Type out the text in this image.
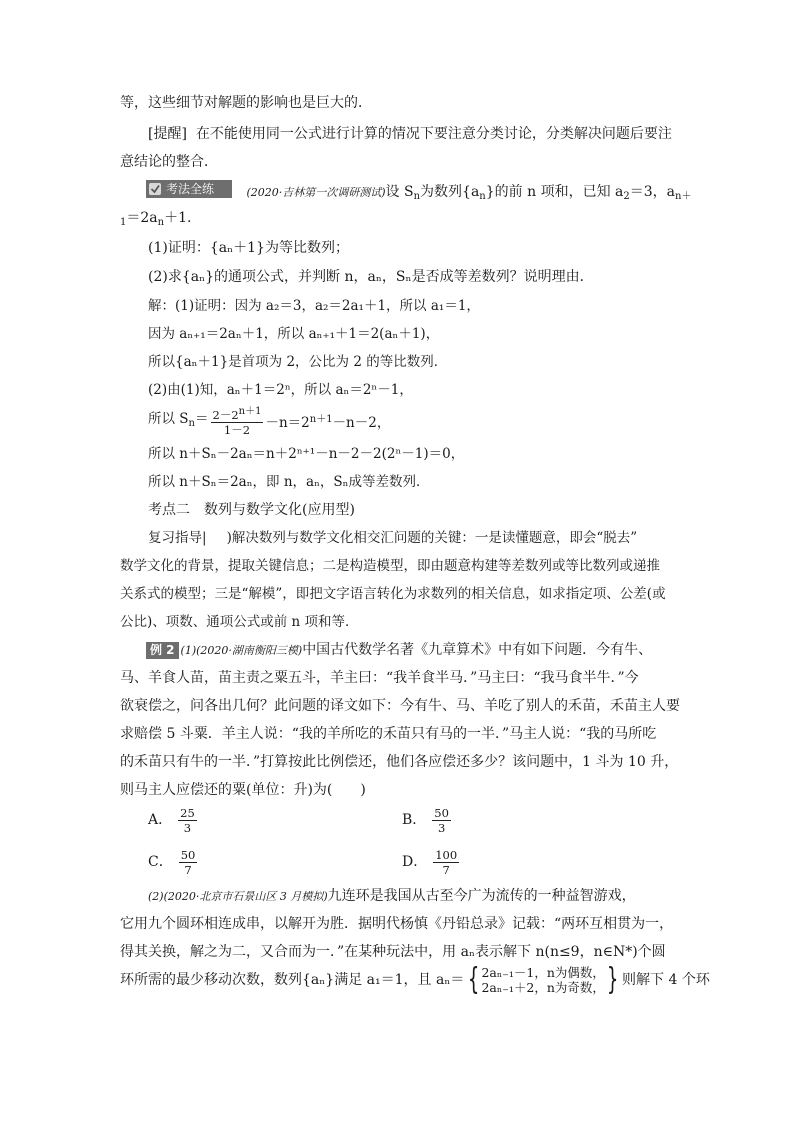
等，这些细节对解题的影响也是巨大的．
[提醒] 在不能使用同一公式进行计算的情况下要注意分类讨论，分类解决问题后要注
意结论的整合．
考法全练	(2020·吉林第一次调研测试)设 $S_n$为数列$\{a_n\}$的前 n 项和，已知 $a_2=3$，$a_{n+}$
$_1=2a_n+1$.
(1)证明：{aₙ＋1}为等比数列；
(2)求{aₙ}的通项公式，并判断 n，aₙ，Sₙ是否成等差数列？说明理由．
解：(1)证明：因为 a₂＝3，a₂＝2a₁＋1，所以 a₁＝1，
因为 aₙ₊₁＝2aₙ＋1，所以 aₙ₊₁＋1＝2(aₙ＋1)，
所以{aₙ＋1}是首项为 2，公比为 2 的等比数列．
(2)由(1)知，aₙ＋1＝2ⁿ，所以 aₙ＝2ⁿ－1，
所以 $S_n= \frac{2-2^{n+1}}{1-2} -n=2^{n+1}-n-2$，
所以 n＋Sₙ－2aₙ＝n＋2ⁿ⁺¹－n－2－2(2ⁿ－1)＝0，
所以 n＋Sₙ＝2aₙ，即 n，aₙ，Sₙ成等差数列．
考点二　数列与数学文化(应用型)
复习指导| )解决数列与数学文化相交汇问题的关键：一是读懂题意，即会“脱去”
数学文化的背景，提取关键信息；二是构造模型，即由题意构建等差数列或等比数列或递推
关系式的模型；三是“解模”，即把文字语言转化为求数列的相关信息，如求指定项、公差(或
公比)、项数、通项公式或前 n 项和等．
例 2 (1)(2020·湖南衡阳三模)中国古代数学名著《九章算术》中有如下问题．今有牛、
马、羊食人苗，苗主责之粟五斗，羊主曰：“我羊食半马．”马主曰：“我马食半牛．”今
欲衰偿之，问各出几何？此问题的译文如下：今有牛、马、羊吃了别人的禾苗，禾苗主人要
求赔偿 5 斗粟．羊主人说：“我的羊所吃的禾苗只有马的一半．”马主人说：“我的马所吃
的禾苗只有牛的一半．”打算按此比例偿还，他们各应偿还多少？该问题中，1 斗为 10 升，
则马主人应偿还的粟(单位：升)为(　　)
A． $\frac{25}{3}$	B． $\frac{50}{3}$
C． $\frac{50}{7}$	D． $\frac{100}{7}$
(2)(2020·北京市石景山区 3 月模拟)九连环是我国从古至今广为流传的一种益智游戏，
它用九个圆环相连成串，以解开为胜．据明代杨慎《丹铅总录》记载：“两环互相贯为一，
得其关换，解之为二，又合而为一．”在某种玩法中，用 aₙ表示解下 n(n≤9，n∈N*)个圆
环所需的最少移动次数，数列{aₙ}满足 a₁＝1，且 aₙ＝ { 2aₙ₋₁－1，n为偶数，
2aₙ₋₁＋2，n为奇数， } 则解下 4 个环
